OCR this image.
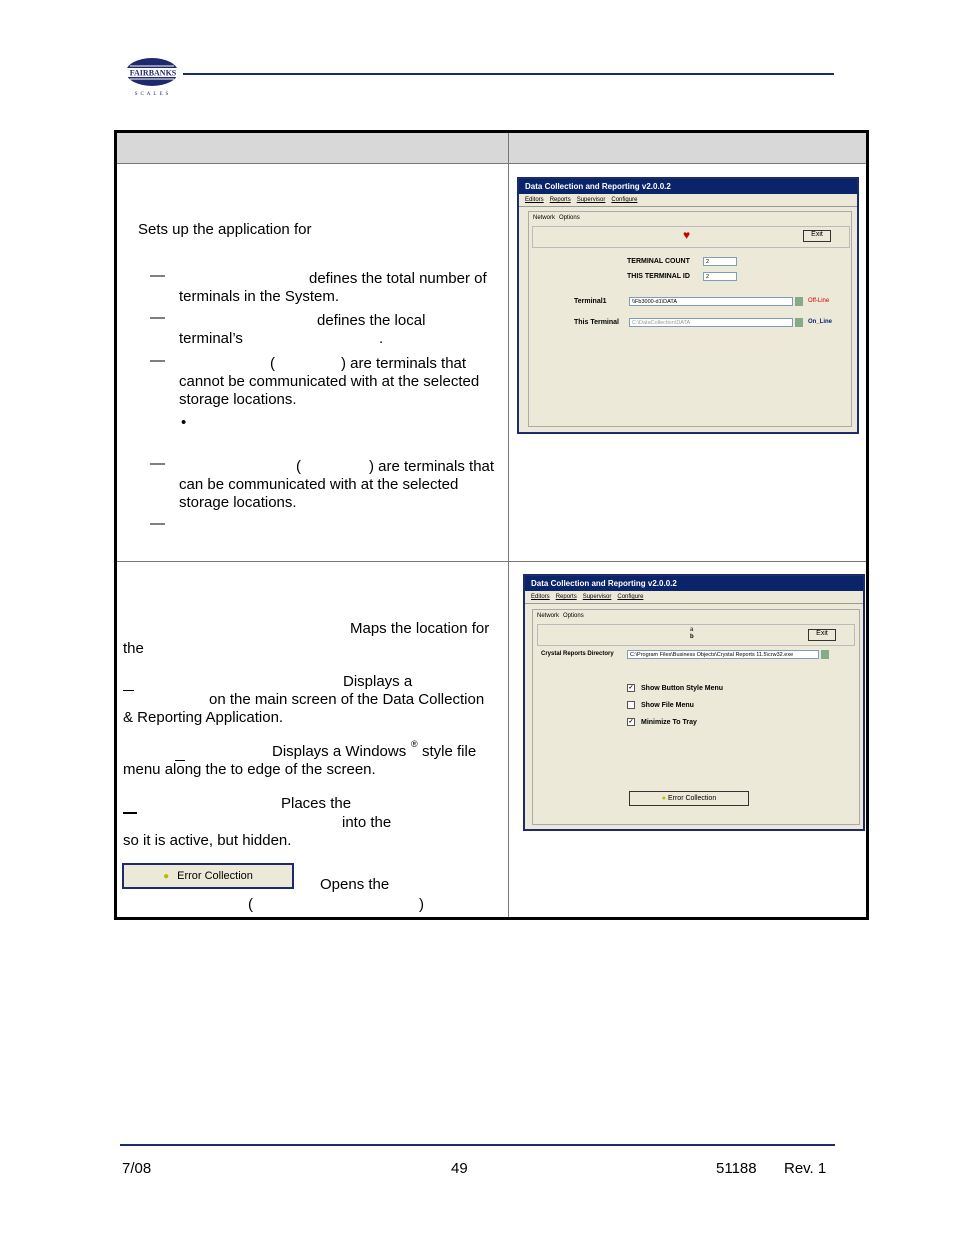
FAIRBANKS
SCALES
Sets up the application for
—	defines the total number of
terminals in the System.
—	defines the local
terminal’s	.
—	(	) are terminals that
cannot be communicated with at the selected
storage locations.
•
—	(	) are terminals that
can be communicated with at the selected
storage locations.
—
Data Collection and Reporting v2.0.0.2
Editors Reports Supervisor Configure
Network Options
♥	Exit
TERMINAL COUNT	2
THIS TERMINAL ID	2
Terminal1	\\Fb3000-d1\DATA	Off-Line
This Terminal	C:\DataCollection\DATA	On_Line
Maps the location for
the
Displays a
on the main screen of the Data Collection
& Reporting Application.
Displays a Windows ® style file
menu along the to edge of the screen.
Places the
into the
so it is active, but hidden.
● Error Collection	Opens the
(	)
Data Collection and Reporting v2.0.0.2
Editors Reports Supervisor Configure
Network Options
a
b	Exit
Crystal Reports Directory	C:\Program Files\Business Objects\Crystal Reports 11.5\crw32.exe
✓ Show Button Style Menu
Show File Menu
✓ Minimize To Tray
● Error Collection
7/08	49	51188 Rev. 1
